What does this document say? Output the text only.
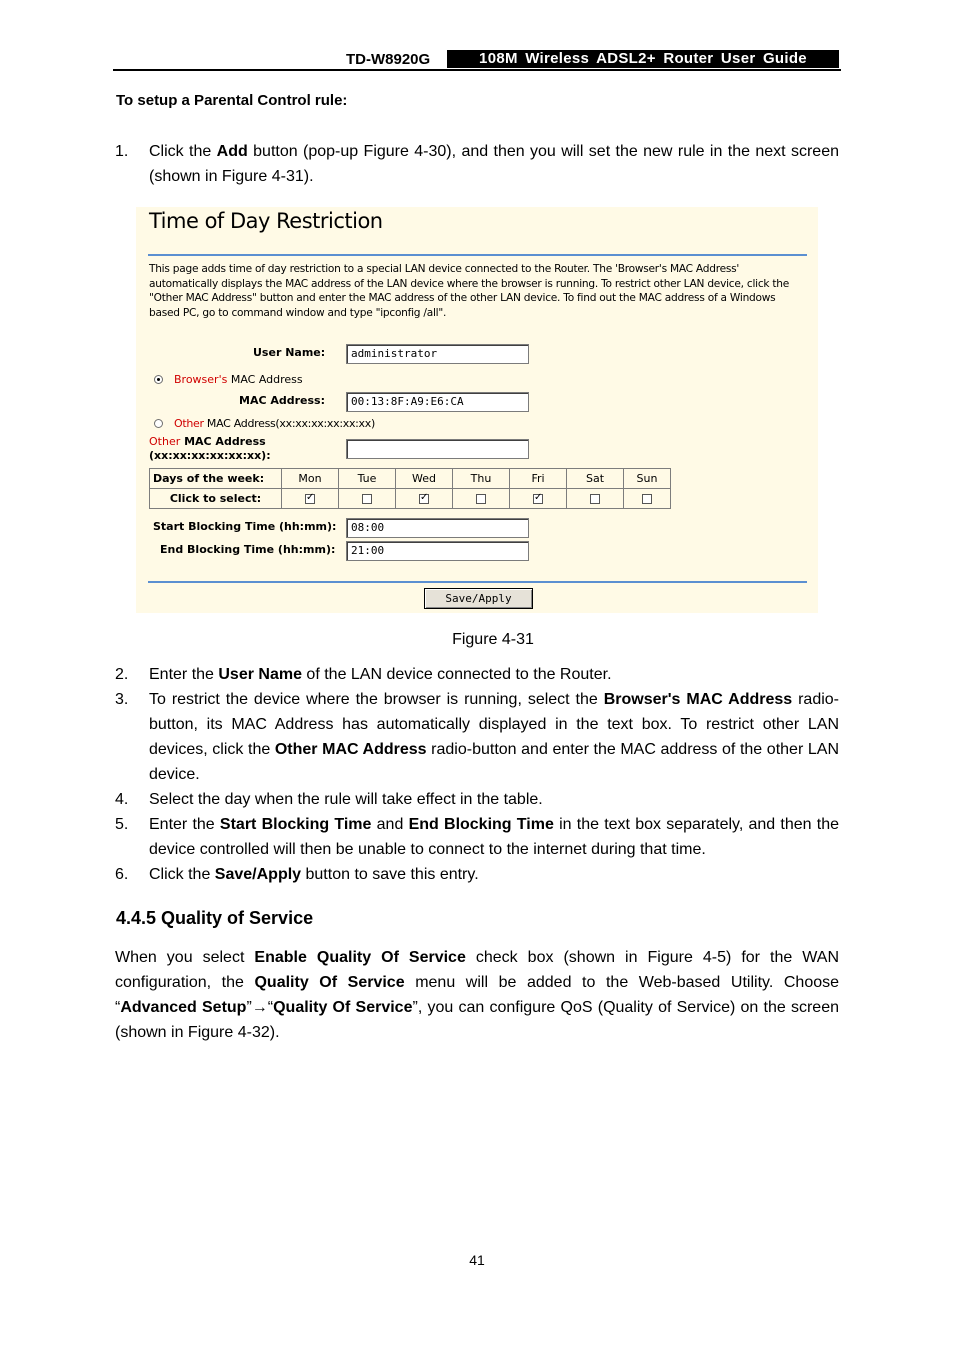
TD-W8920G	108M Wireless ADSL2+ Router User Guide
To setup a Parental Control rule:
1. Click the Add button (pop-up Figure 4-30), and then you will set the new rule in the next screen (shown in Figure 4-31).
Time of Day Restriction
This page adds time of day restriction to a special LAN device connected to the Router. The 'Browser's MAC Address' automatically displays the MAC address of the LAN device where the browser is running. To restrict other LAN device, click the "Other MAC Address" button and enter the MAC address of the other LAN device. To find out the MAC address of a Windows based PC, go to command window and type "ipconfig /all".
User Name:	administrator
Browser's MAC Address
MAC Address:	00:13:8F:A9:E6:CA
Other MAC Address(xx:xx:xx:xx:xx:xx)
Other MAC Address
(xx:xx:xx:xx:xx:xx):
Days of the week:	Mon	Tue	Wed	Thu	Fri	Sat	Sun
Click to select:	✓		✓		✓		
Start Blocking Time (hh:mm):	08:00
End Blocking Time (hh:mm):	21:00
Save/Apply
Figure 4-31
2. Enter the User Name of the LAN device connected to the Router.
3. To restrict the device where the browser is running, select the Browser's MAC Address radio-button, its MAC Address has automatically displayed in the text box. To restrict other LAN devices, click the Other MAC Address radio-button and enter the MAC address of the other LAN device.
4. Select the day when the rule will take effect in the table.
5. Enter the Start Blocking Time and End Blocking Time in the text box separately, and then the device controlled will then be unable to connect to the internet during that time.
6. Click the Save/Apply button to save this entry.
4.4.5 Quality of Service
When you select Enable Quality Of Service check box (shown in Figure 4-5) for the WAN configuration, the Quality Of Service menu will be added to the Web-based Utility. Choose “Advanced Setup”→“Quality Of Service”, you can configure QoS (Quality of Service) on the screen (shown in Figure 4-32).
41
